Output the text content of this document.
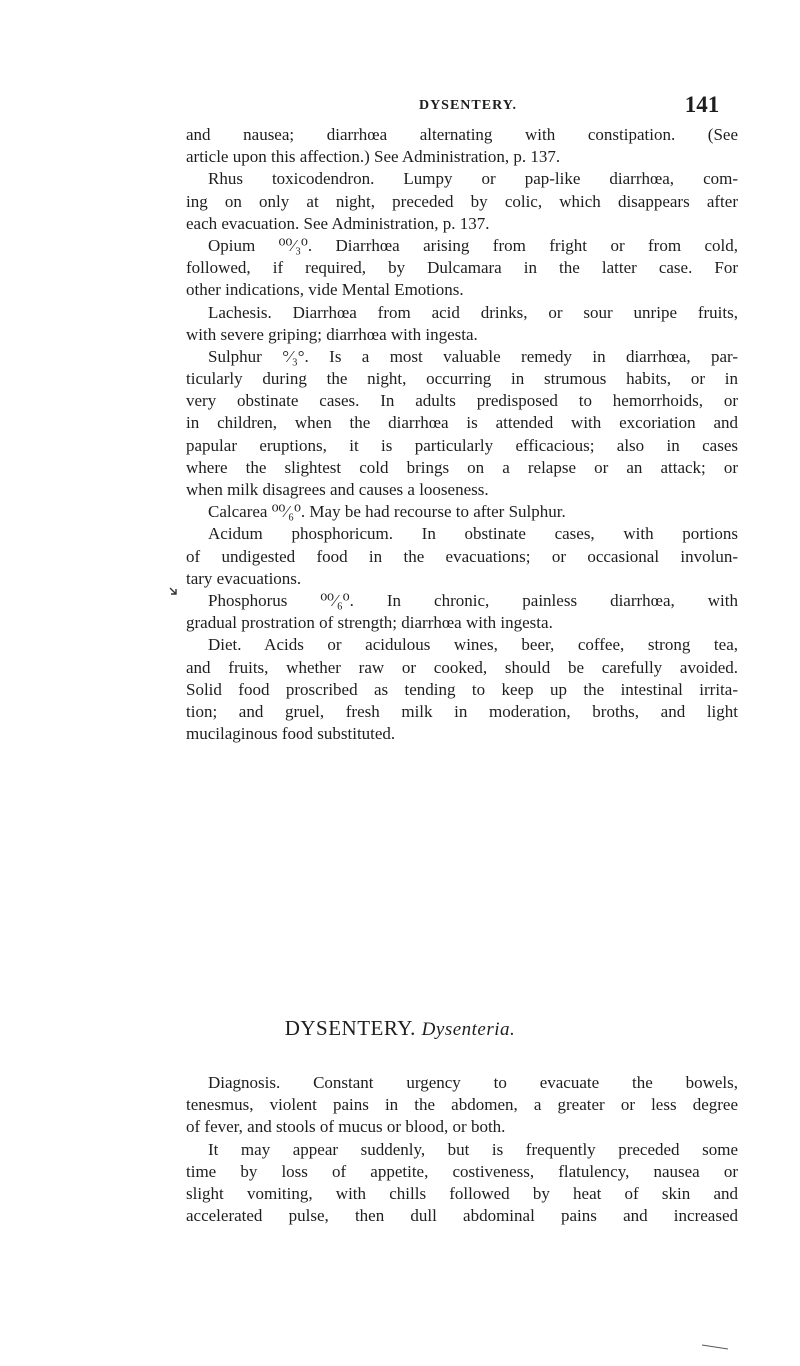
DYSENTERY.	141
and nausea; diarrhœa alternating with constipation. (See
article upon this affection.) See Administration, p. 137.
Rhus toxicodendron. Lumpy or pap-like diarrhœa, com-
ing on only at night, preceded by colic, which disappears after
each evacuation. See Administration, p. 137.
Opium ⁰⁰⁄₃⁰. Diarrhœa arising from fright or from cold,
followed, if required, by Dulcamara in the latter case. For
other indications, vide Mental Emotions.
Lachesis. Diarrhœa from acid drinks, or sour unripe fruits,
with severe griping; diarrhœa with ingesta.
Sulphur °⁄₃°. Is a most valuable remedy in diarrhœa, par-
ticularly during the night, occurring in strumous habits, or in
very obstinate cases. In adults predisposed to hemorrhoids, or
in children, when the diarrhœa is attended with excoriation and
papular eruptions, it is particularly efficacious; also in cases
where the slightest cold brings on a relapse or an attack; or
when milk disagrees and causes a looseness.
Calcarea ⁰⁰⁄₆⁰. May be had recourse to after Sulphur.
Acidum phosphoricum. In obstinate cases, with portions
of undigested food in the evacuations; or occasional involun-
tary evacuations.
Phosphorus ⁰⁰⁄₆⁰. In chronic, painless diarrhœa, with
gradual prostration of strength; diarrhœa with ingesta.
Diet. Acids or acidulous wines, beer, coffee, strong tea,
and fruits, whether raw or cooked, should be carefully avoided.
Solid food proscribed as tending to keep up the intestinal irrita-
tion; and gruel, fresh milk in moderation, broths, and light
mucilaginous food substituted.
DYSENTERY. Dysenteria.
Diagnosis. Constant urgency to evacuate the bowels,
tenesmus, violent pains in the abdomen, a greater or less degree
of fever, and stools of mucus or blood, or both.
It may appear suddenly, but is frequently preceded some
time by loss of appetite, costiveness, flatulency, nausea or
slight vomiting, with chills followed by heat of skin and
accelerated pulse, then dull abdominal pains and increased
